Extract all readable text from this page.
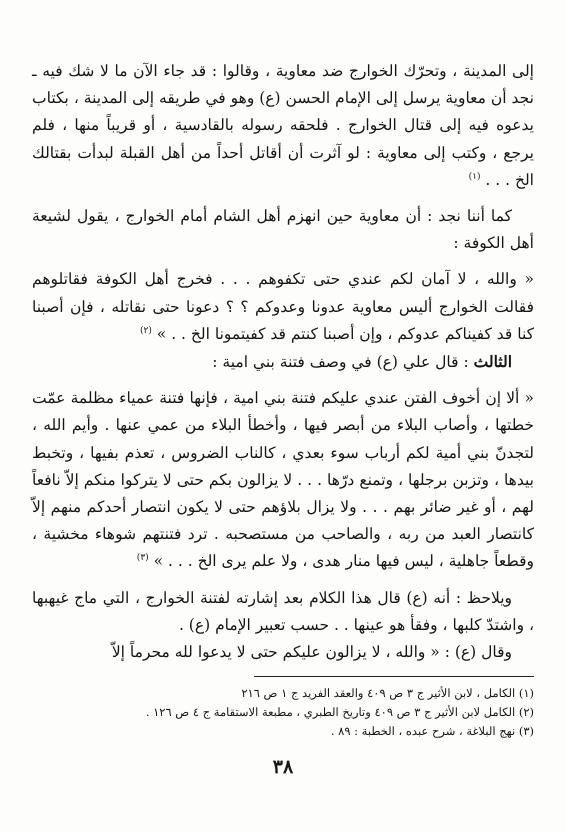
إلى المدينة ، وتحرّك الخوارج ضد معاوية ، وقالوا : قد جاء الآن ما لا شك فيه ـ نجد أن معاوية يرسل إلى الإمام الحسن (ع) وهو في طريقه إلى المدينة ، بكتاب يدعوه فيه إلى قتال الخوارج . فلحقه رسوله بالقادسية ، أو قريباً منها ، فلم يرجع ، وكتب إلى معاوية : لو آثرت أن أقاتل أحداً من أهل القبلة لبدأت بقتالك الخ . . . $^{(١)}$

كما أننا نجد : أن معاوية حين انهزم أهل الشام أمام الخوارج ، يقول لشيعة أهل الكوفة :

« والله ، لا آمان لكم عندي حتى تكفوهم . . . فخرج أهل الكوفة فقاتلوهم فقالت الخوارج أليس معاوية عدونا وعدوكم ؟ ؟ دعونا حتى نقاتله ، فإن أصبنا كنا قد كفيناكم عدوكم ، وإن أصبنا كنتم قد كفيتمونا الخ . . » $^{(٢)}$

الثالث : قال علي (ع) في وصف فتنة بني امية :

« ألا إن أخوف الفتن عندي عليكم فتنة بني امية ، فإنها فتنة عمياء مظلمة عمّت خطتها ، وأصاب البلاء من أبصر فيها ، وأخطأ البلاء من عمي عنها . وأيم الله ، لتجدنّ بني أمية لكم أرباب سوء بعدي ، كالناب الضروس ، تعذم بفيها ، وتخبط بيدها ، وتزبن برجلها ، وتمنع درّها . . . لا يزالون بكم حتى لا يتركوا منكم إلاّ نافعاً لهم ، أو غير ضائر بهم . . . ولا يزال بلاؤهم حتى لا يكون انتصار أحدكم منهم إلاّ كانتصار العبد من ربه ، والصاحب من مستصحبه . ترد فتنتهم شوهاء مخشية ، وقطعاً جاهلية ، ليس فيها منار هدى ، ولا علم يرى الخ . . . » $^{(٣)}$

ويلاحظ : أنه (ع) قال هذا الكلام بعد إشارته لفتنة الخوارج ، التي ماج غيهبها ، واشتدّ كلبها ، وفقأ هو عينها . . حسب تعبير الإمام (ع) .

وقال (ع) : « والله ، لا يزالون عليكم حتى لا يدعوا لله محرماً إلاّ

(١) الكامل ، لابن الأثير ج ٣ ص ٤٠٩ والعقد الفريد ج ١ ص ٢١٦

(٢) الكامل لابن الأثير ج ٣ ص ٤٠٩ وتاريخ الطبري ، مطبعة الاستقامة ج ٤ ص ١٢٦ .

(٣) نهج البلاغة ، شرح عبده ، الخطبة : ٨٩ .

٣٨
